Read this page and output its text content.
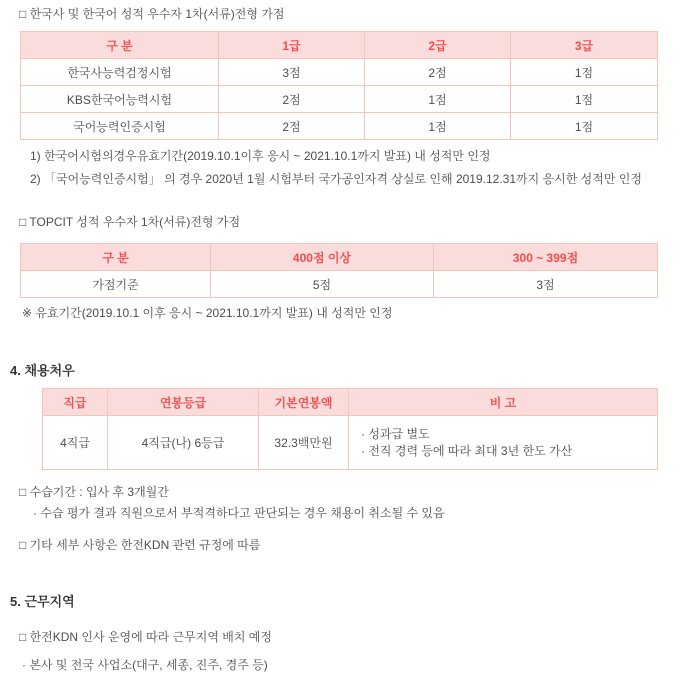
□ 한국사 및 한국어 성적 우수자 1차(서류)전형 가점
구 분	1급	2급	3급
한국사능력검정시험	3점	2점	1점
KBS한국어능력시험	2점	1점	1점
국어능력인증시험	2점	1점	1점
1) 한국어시험의경우유효기간(2019.10.1이후 응시 ~ 2021.10.1까지 발표) 내 성적만 인정
2) 「국어능력인증시험」 의 경우 2020년 1월 시험부터 국가공인자격 상실로 인해 2019.12.31까지 응시한 성적만 인정
□ TOPCIT 성적 우수자 1차(서류)전형 가점
구 분	400점 이상	300 ~ 399점
가점기준	5점	3점
※ 유효기간(2019.10.1 이후 응시 ~ 2021.10.1까지 발표) 내 성적만 인정
4. 채용처우
직급	연봉등급	기본연봉액	비 고
4직급	4직급(나) 6등급	32.3백만원	· 성과급 별도
· 전직 경력 등에 따라 최대 3년 한도 가산
□ 수습기간 : 입사 후 3개월간
· 수습 평가 결과 직원으로서 부적격하다고 판단되는 경우 채용이 취소될 수 있음
□ 기타 세부 사항은 한전KDN 관련 규정에 따름
5. 근무지역
□ 한전KDN 인사 운영에 따라 근무지역 배치 예정
· 본사 및 전국 사업소(대구, 세종, 진주, 경주 등)
